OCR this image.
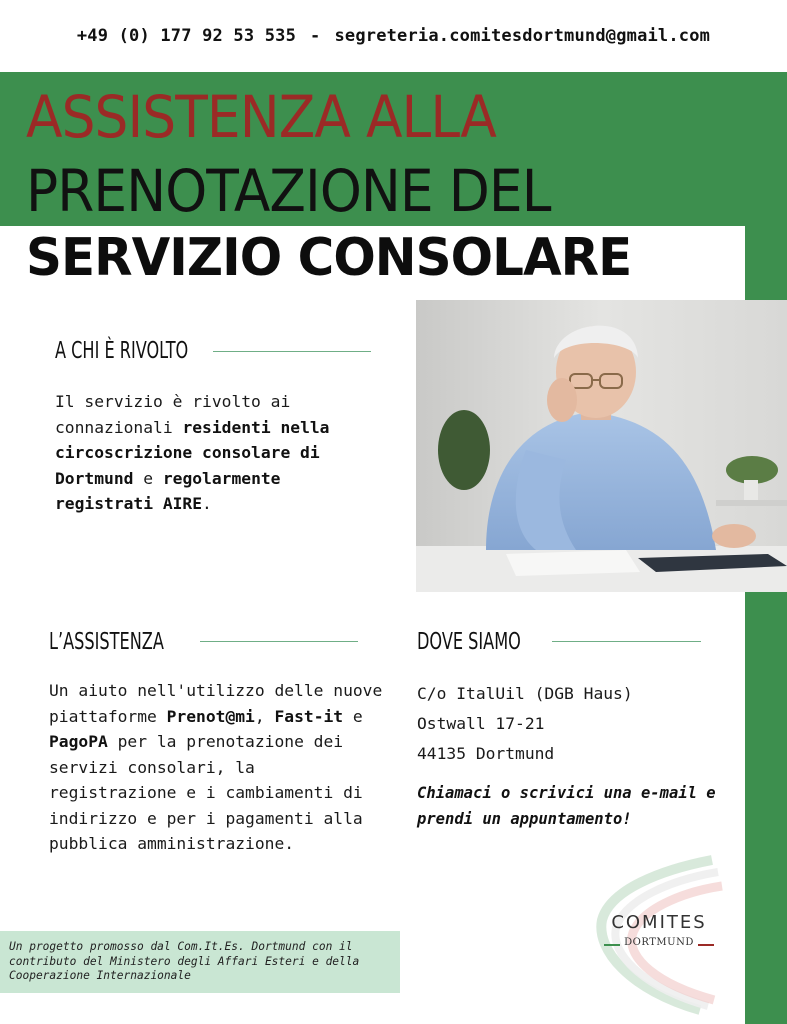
+49 (0) 177 92 53 535 - segreteria.comitesdortmund@gmail.com
ASSISTENZA ALLA
PRENOTAZIONE DEL
SERVIZIO CONSOLARE
A CHI È RIVOLTO
Il servizio è rivolto ai connazionali residenti nella circoscrizione consolare di Dortmund e regolarmente registrati AIRE.
L’ASSISTENZA
Un aiuto nell'utilizzo delle nuove piattaforme Prenot@mi, Fast-it e PagoPA per la prenotazione dei servizi consolari, la registrazione e i cambiamenti di indirizzo e per i pagamenti alla pubblica amministrazione.
DOVE SIAMO
C/o ItalUil (DGB Haus)
Ostwall 17-21
44135 Dortmund
Chiamaci o scrivici una e-mail e prendi un appuntamento!
Un progetto promosso dal Com.It.Es. Dortmund con il contributo del Ministero degli Affari Esteri e della Cooperazione Internazionale
COMITES
DORTMUND
